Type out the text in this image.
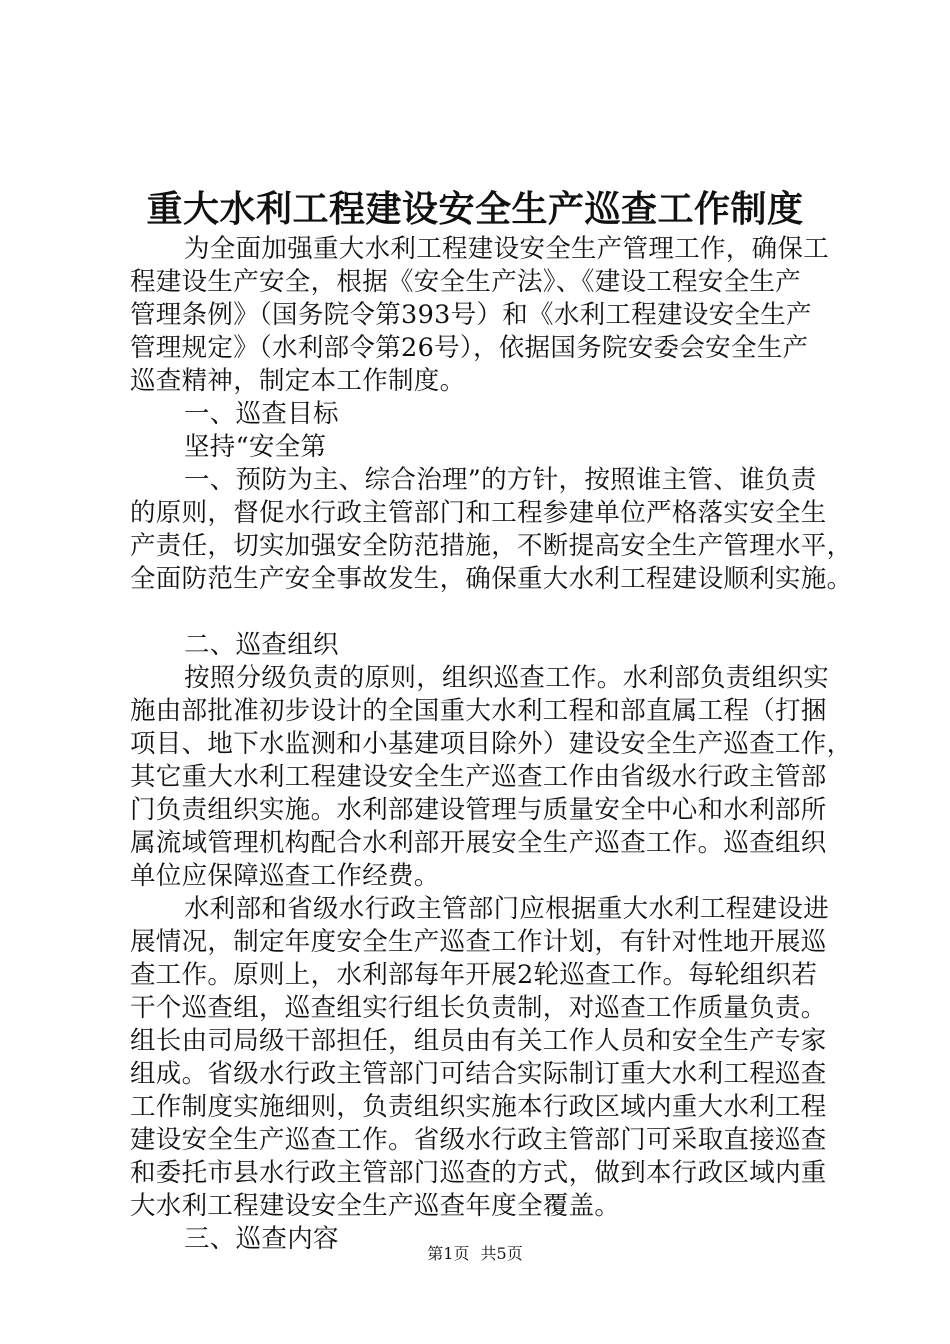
重大水利工程建设安全生产巡查工作制度
为全面加强重大水利工程建设安全生产管理工作，确保工
程建设生产安全，根据《安全生产法》、《建设工程安全生产
管理条例》（国务院令第393号）和《水利工程建设安全生产
管理规定》（水利部令第26号），依据国务院安委会安全生产
巡查精神，制定本工作制度。
一、巡查目标
坚持“安全第
一、预防为主、综合治理”的方针，按照谁主管、谁负责
的原则，督促水行政主管部门和工程参建单位严格落实安全生
产责任，切实加强安全防范措施，不断提高安全生产管理水平，
全面防范生产安全事故发生，确保重大水利工程建设顺利实施。
二、巡查组织
按照分级负责的原则，组织巡查工作。水利部负责组织实
施由部批准初步设计的全国重大水利工程和部直属工程（打捆
项目、地下水监测和小基建项目除外）建设安全生产巡查工作，
其它重大水利工程建设安全生产巡查工作由省级水行政主管部
门负责组织实施。水利部建设管理与质量安全中心和水利部所
属流域管理机构配合水利部开展安全生产巡查工作。巡查组织
单位应保障巡查工作经费。
水利部和省级水行政主管部门应根据重大水利工程建设进
展情况，制定年度安全生产巡查工作计划，有针对性地开展巡
查工作。原则上，水利部每年开展2轮巡查工作。每轮组织若
干个巡查组，巡查组实行组长负责制，对巡查工作质量负责。
组长由司局级干部担任，组员由有关工作人员和安全生产专家
组成。省级水行政主管部门可结合实际制订重大水利工程巡查
工作制度实施细则，负责组织实施本行政区域内重大水利工程
建设安全生产巡查工作。省级水行政主管部门可采取直接巡查
和委托市县水行政主管部门巡查的方式，做到本行政区域内重
大水利工程建设安全生产巡查年度全覆盖。
三、巡查内容	第1页 共5页
